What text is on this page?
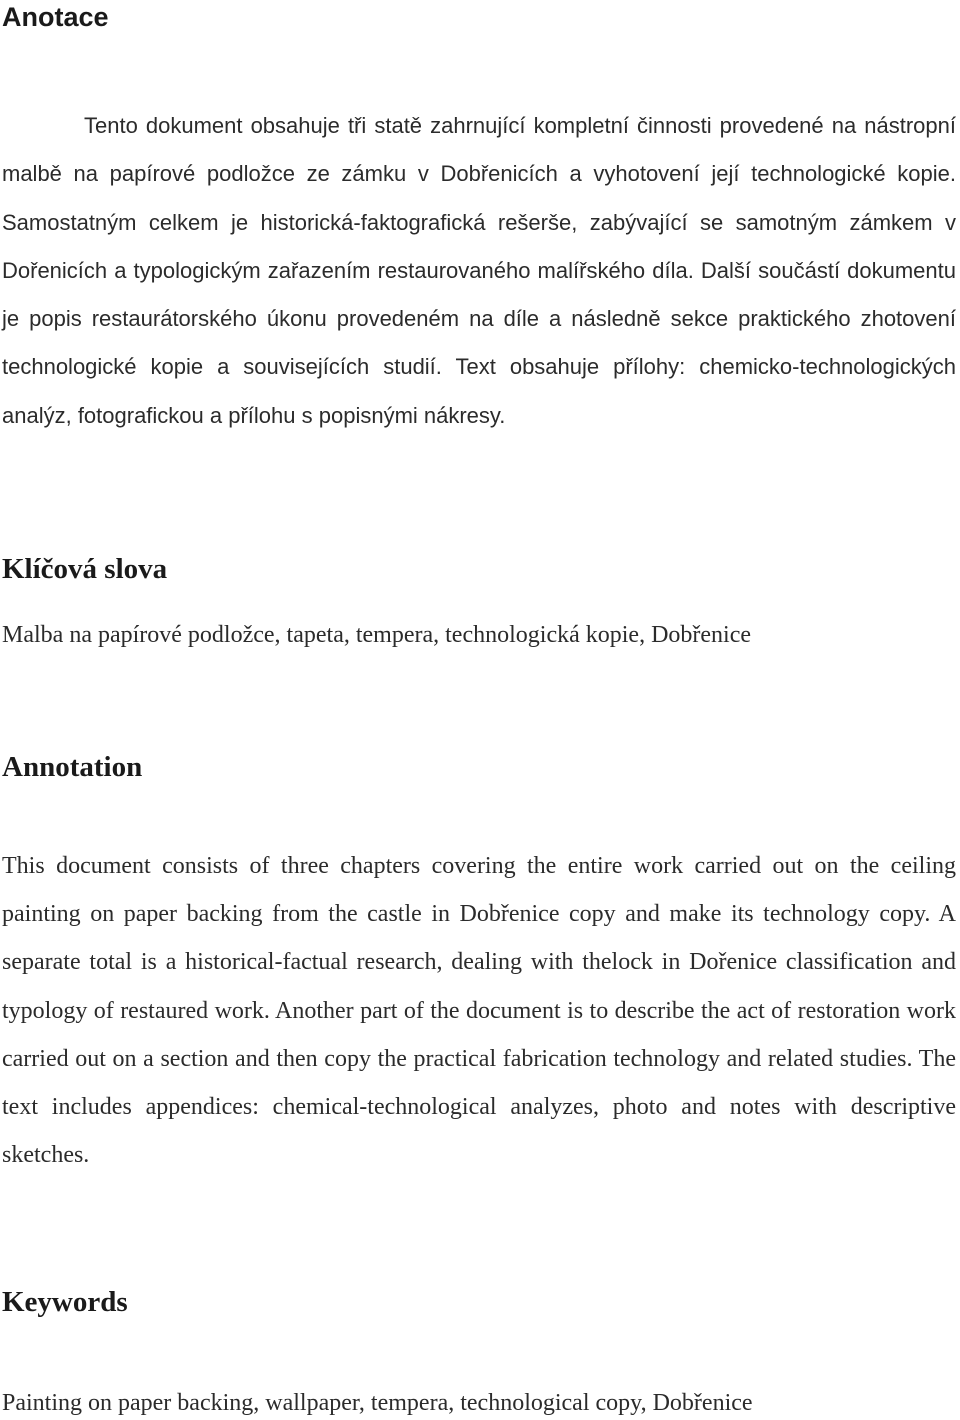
Anotace

Tento dokument obsahuje tři statě zahrnující kompletní činnosti provedené na nástropní malbě na papírové podložce ze zámku v Dobřenicích a vyhotovení její technologické kopie. Samostatným celkem je historická-faktografická rešerše, zabývající se samotným zámkem v Dořenicích a typologickým zařazením restaurovaného malířského díla. Další součástí dokumentu je popis restaurátorského úkonu provedeném na díle a následně sekce praktického zhotovení technologické kopie a souvisejících studií. Text obsahuje přílohy: chemicko-technologických analýz, fotografickou a přílohu s popisnými nákresy.

Klíčová slova

Malba na papírové podložce, tapeta, tempera, technologická kopie, Dobřenice

Annotation

This document consists of three chapters covering the entire work carried out on the ceiling painting on paper backing from the castle in Dobřenice copy and make its technology copy. A separate total is a historical-factual research, dealing with thelock in Dořenice classification and typology of restaured work. Another part of the document is to describe the act of restoration work carried out on a section and then copy the practical fabrication technology and related studies. The text includes appendices: chemical-technological analyzes, photo and notes with descriptive sketches.

Keywords

Painting on paper backing, wallpaper, tempera, technological copy, Dobřenice
